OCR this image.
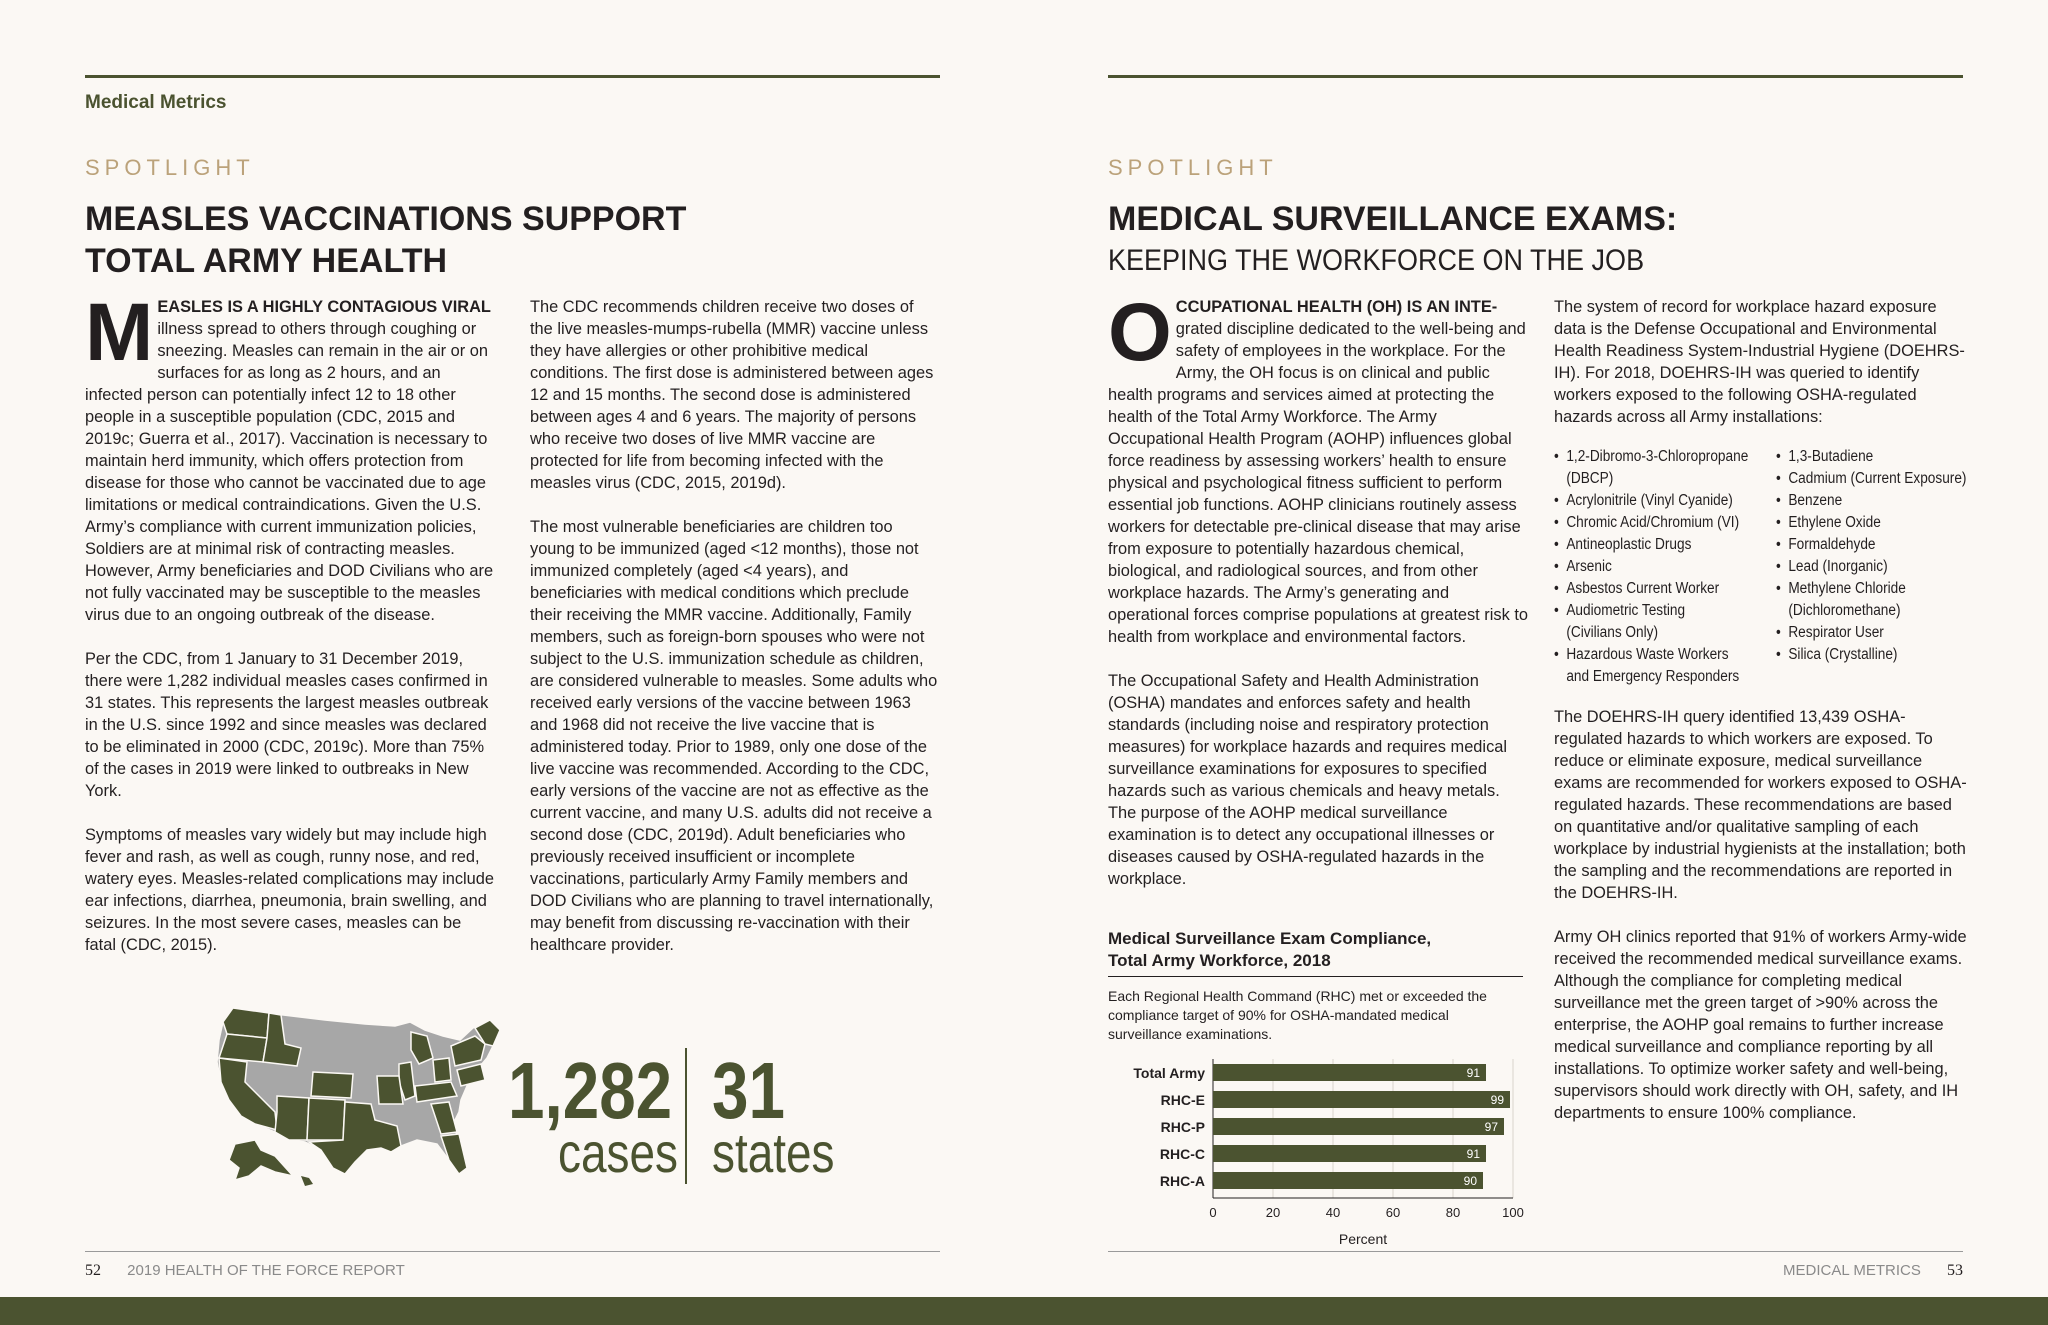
Medical Metrics
SPOTLIGHT
MEASLES VACCINATIONS SUPPORT
TOTAL ARMY HEALTH
M EASLES IS A HIGHLY CONTAGIOUS VIRAL illness spread to others through coughing or sneezing. Measles can remain in the air or on surfaces for as long as 2 hours, and an infected person can potentially infect 12 to 18 other people in a susceptible population (CDC, 2015 and 2019c; Guerra et al., 2017). Vaccination is necessary to maintain herd immunity, which offers protection from disease for those who cannot be vaccinated due to age limitations or medical contraindications. Given the U.S. Army’s compliance with current immunization policies, Soldiers are at minimal risk of contracting measles. However, Army beneficiaries and DOD Civilians who are not fully vaccinated may be susceptible to the measles virus due to an ongoing outbreak of the disease.

Per the CDC, from 1 January to 31 December 2019, there were 1,282 individual measles cases confirmed in 31 states. This represents the largest measles outbreak in the U.S. since 1992 and since measles was declared to be eliminated in 2000 (CDC, 2019c). More than 75% of the cases in 2019 were linked to outbreaks in New York.

Symptoms of measles vary widely but may include high fever and rash, as well as cough, runny nose, and red, watery eyes. Measles-related complications may include ear infections, diarrhea, pneumonia, brain swelling, and seizures. In the most severe cases, measles can be fatal (CDC, 2015).

The CDC recommends children receive two doses of the live measles-mumps-rubella (MMR) vaccine unless they have allergies or other prohibitive medical conditions. The first dose is administered between ages 12 and 15 months. The second dose is administered between ages 4 and 6 years. The majority of persons who receive two doses of live MMR vaccine are protected for life from becoming infected with the measles virus (CDC, 2015, 2019d).

The most vulnerable beneficiaries are children too young to be immunized (aged <12 months), those not immunized completely (aged <4 years), and beneficiaries with medical conditions which preclude their receiving the MMR vaccine. Additionally, Family members, such as foreign-born spouses who were not subject to the U.S. immunization schedule as children, are considered vulnerable to measles. Some adults who received early versions of the vaccine between 1963 and 1968 did not receive the live vaccine that is administered today. Prior to 1989, only one dose of the live vaccine was recommended. According to the CDC, early versions of the vaccine are not as effective as the current vaccine, and many U.S. adults did not receive a second dose (CDC, 2019d). Adult beneficiaries who previously received insufficient or incomplete vaccinations, particularly Army Family members and DOD Civilians who are planning to travel internationally, may benefit from discussing re-vaccination with their healthcare provider.

1,282
cases
31
states
52 2019 HEALTH OF THE FORCE REPORT
SPOTLIGHT
MEDICAL SURVEILLANCE EXAMS:
KEEPING THE WORKFORCE ON THE JOB
O CCUPATIONAL HEALTH (OH) IS AN INTE- grated discipline dedicated to the well-being and safety of employees in the workplace. For the Army, the OH focus is on clinical and public health programs and services aimed at protecting the health of the Total Army Workforce. The Army Occupational Health Program (AOHP) influences global force readiness by assessing workers’ health to ensure physical and psychological fitness sufficient to perform essential job functions. AOHP clinicians routinely assess workers for detectable pre-clinical disease that may arise from exposure to potentially hazardous chemical, biological, and radiological sources, and from other workplace hazards. The Army’s generating and operational forces comprise populations at greatest risk to health from workplace and environmental factors.

The Occupational Safety and Health Administration (OSHA) mandates and enforces safety and health standards (including noise and respiratory protection measures) for workplace hazards and requires medical surveillance examinations for exposures to specified hazards such as various chemicals and heavy metals. The purpose of the AOHP medical surveillance examination is to detect any occupational illnesses or diseases caused by OSHA-regulated hazards in the workplace.

Medical Surveillance Exam Compliance,
Total Army Workforce, 2018
Each Regional Health Command (RHC) met or exceeded the compliance target of 90% for OSHA-mandated medical surveillance examinations.
Total Army	91
RHC-E	99
RHC-P	97
RHC-C	91
RHC-A	90
0	20	40	60	80	100
Percent

The system of record for workplace hazard exposure data is the Defense Occupational and Environmental Health Readiness System-Industrial Hygiene (DOEHRS-IH). For 2018, DOEHRS-IH was queried to identify workers exposed to the following OSHA-regulated hazards across all Army installations:

• 1,2-Dibromo-3-Chloropropane
(DBCP)
• Acrylonitrile (Vinyl Cyanide)
• Chromic Acid/Chromium (VI)
• Antineoplastic Drugs
• Arsenic
• Asbestos Current Worker
• Audiometric Testing
(Civilians Only)
• Hazardous Waste Workers
and Emergency Responders
• 1,3-Butadiene
• Cadmium (Current Exposure)
• Benzene
• Ethylene Oxide
• Formaldehyde
• Lead (Inorganic)
• Methylene Chloride
(Dichloromethane)
• Respirator User
• Silica (Crystalline)

The DOEHRS-IH query identified 13,439 OSHA-regulated hazards to which workers are exposed. To reduce or eliminate exposure, medical surveillance exams are recommended for workers exposed to OSHA-regulated hazards. These recommendations are based on quantitative and/or qualitative sampling of each workplace by industrial hygienists at the installation; both the sampling and the recommendations are reported in the DOEHRS-IH.

Army OH clinics reported that 91% of workers Army-wide received the recommended medical surveillance exams. Although the compliance for completing medical surveillance met the green target of >90% across the enterprise, the AOHP goal remains to further increase medical surveillance and compliance reporting by all installations. To optimize worker safety and well-being, supervisors should work directly with OH, safety, and IH departments to ensure 100% compliance.

MEDICAL METRICS 53
